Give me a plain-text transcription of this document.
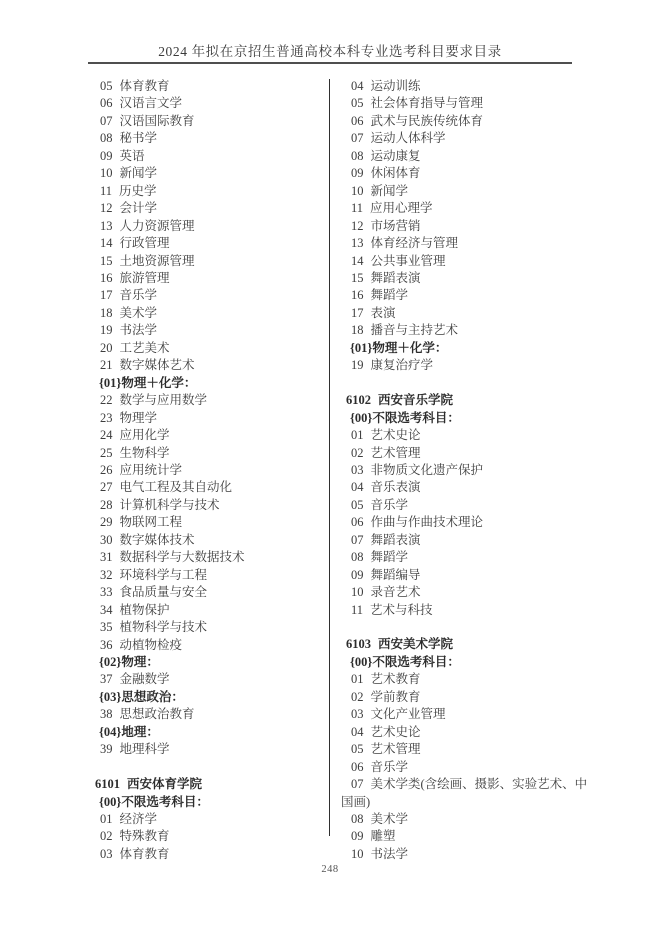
2024 年拟在京招生普通高校本科专业选考科目要求目录
05 体育教育
06 汉语言文学
07 汉语国际教育
08 秘书学
09 英语
10 新闻学
11 历史学
12 会计学
13 人力资源管理
14 行政管理
15 土地资源管理
16 旅游管理
17 音乐学
18 美术学
19 书法学
20 工艺美术
21 数字媒体艺术
{01}物理＋化学：
22 数学与应用数学
23 物理学
24 应用化学
25 生物科学
26 应用统计学
27 电气工程及其自动化
28 计算机科学与技术
29 物联网工程
30 数字媒体技术
31 数据科学与大数据技术
32 环境科学与工程
33 食品质量与安全
34 植物保护
35 植物科学与技术
36 动植物检疫
{02}物理：
37 金融数学
{03}思想政治：
38 思想政治教育
{04}地理：
39 地理科学
6101 西安体育学院
{00}不限选考科目：
01 经济学
02 特殊教育
03 体育教育
04 运动训练
05 社会体育指导与管理
06 武术与民族传统体育
07 运动人体科学
08 运动康复
09 休闲体育
10 新闻学
11 应用心理学
12 市场营销
13 体育经济与管理
14 公共事业管理
15 舞蹈表演
16 舞蹈学
17 表演
18 播音与主持艺术
{01}物理＋化学：
19 康复治疗学
6102 西安音乐学院
{00}不限选考科目：
01 艺术史论
02 艺术管理
03 非物质文化遗产保护
04 音乐表演
05 音乐学
06 作曲与作曲技术理论
07 舞蹈表演
08 舞蹈学
09 舞蹈编导
10 录音艺术
11 艺术与科技
6103 西安美术学院
{00}不限选考科目：
01 艺术教育
02 学前教育
03 文化产业管理
04 艺术史论
05 艺术管理
06 音乐学
07 美术学类(含绘画、摄影、实验艺术、中国画)
08 美术学
09 雕塑
10 书法学
248
